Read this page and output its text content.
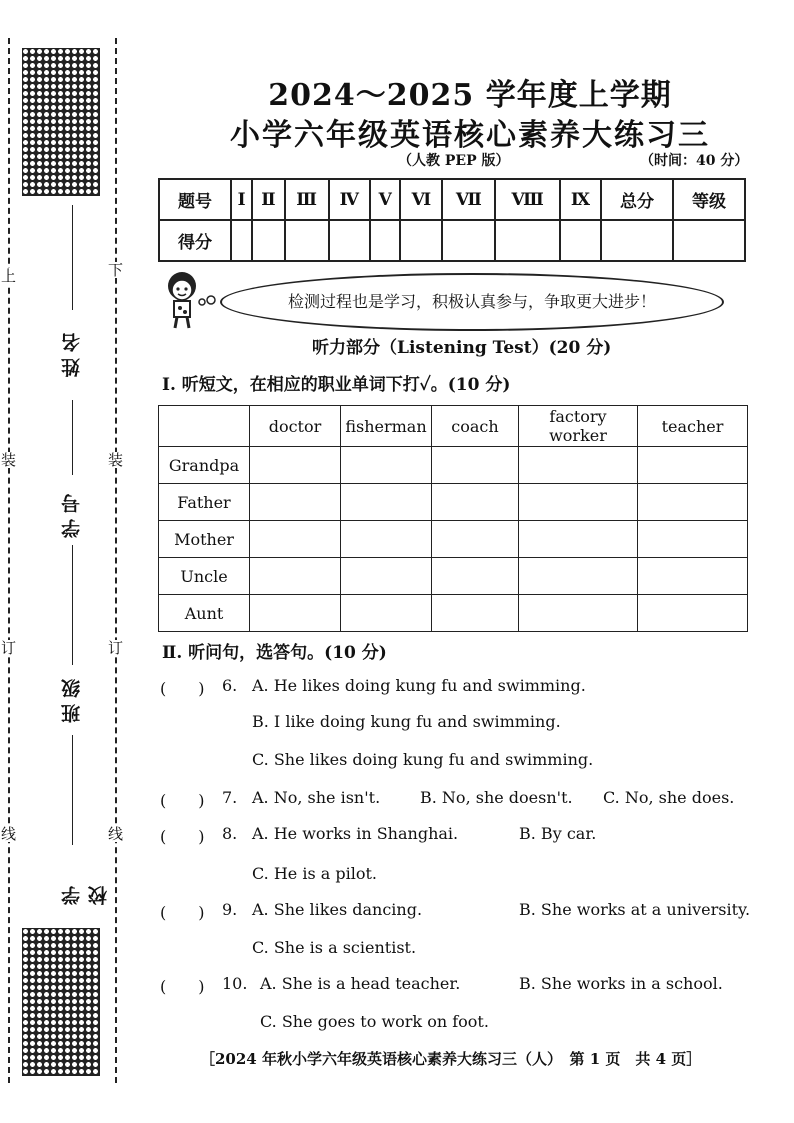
上	下
装	装
订	订
线	线
姓名
学号
班级
学校
2024～2025 学年度上学期
小学六年级英语核心素养大练习三
（人教 PEP 版）	（时间：40 分）
题号	Ⅰ	Ⅱ	Ⅲ	Ⅳ	Ⅴ	Ⅵ	Ⅶ	Ⅷ	Ⅸ	总分	等级
得分											
检测过程也是学习，积极认真参与，争取更大进步！
听力部分（Listening Test）(20 分)
Ⅰ. 听短文，在相应的职业单词下打✓。(10 分)
	doctor	fisherman	coach	factory worker	teacher
Grandpa					
Father					
Mother					
Uncle					
Aunt					
Ⅱ. 听问句，选答句。(10 分)
(　　) 6. A. He likes doing kung fu and swimming.
B. I like doing kung fu and swimming.
C. She likes doing kung fu and swimming.
(　　) 7. A. No, she isn't. B. No, she doesn't. C. No, she does.
(　　) 8. A. He works in Shanghai.	B. By car.
C. He is a pilot.
(　　) 9. A. She likes dancing.	B. She works at a university.
C. She is a scientist.
(　　) 10. A. She is a head teacher.	B. She works in a school.
C. She goes to work on foot.
［2024 年秋小学六年级英语核心素养大练习三（人）　第 1 页　共 4 页］
